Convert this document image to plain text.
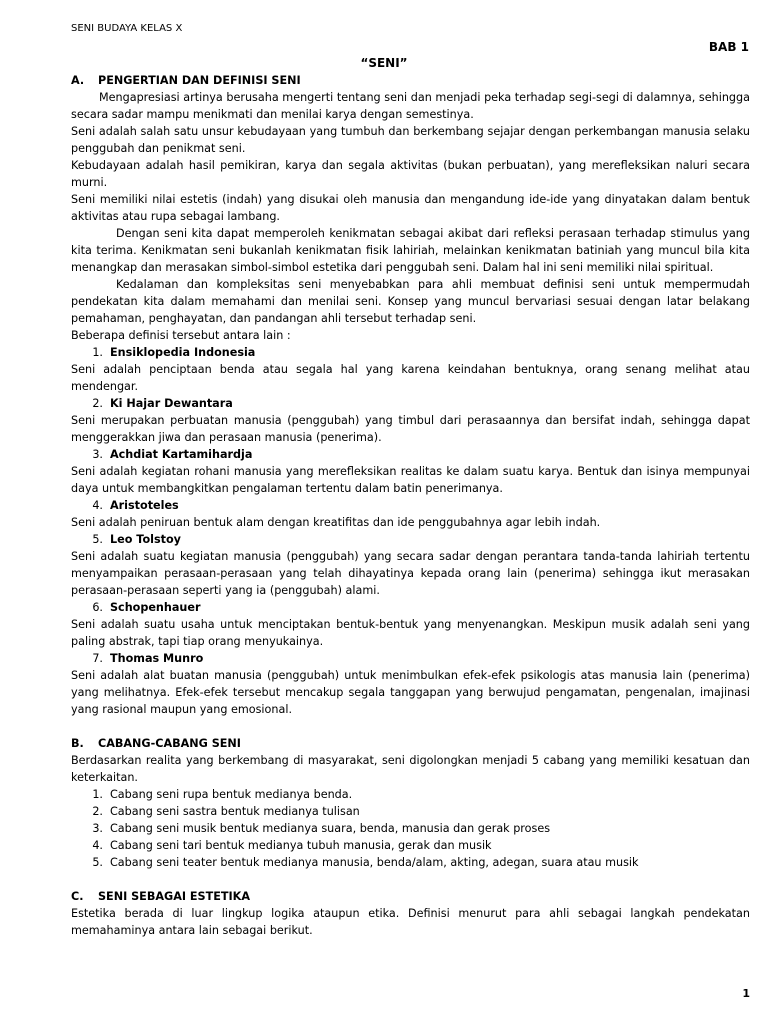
SENI BUDAYA KELAS X
BAB 1
“SENI”
A.	PENGERTIAN DAN DEFINISI SENI

Mengapresiasi artinya berusaha mengerti tentang seni dan menjadi peka terhadap segi-segi di dalamnya, sehingga secara sadar mampu menikmati dan menilai karya dengan semestinya.

Seni adalah salah satu unsur kebudayaan yang tumbuh dan berkembang sejajar dengan perkembangan manusia selaku penggubah dan penikmat seni.

Kebudayaan adalah hasil pemikiran, karya dan segala aktivitas (bukan perbuatan), yang merefleksikan naluri secara murni.

Seni memiliki nilai estetis (indah) yang disukai oleh manusia dan mengandung ide-ide yang dinyatakan dalam bentuk aktivitas atau rupa sebagai lambang.

Dengan seni kita dapat memperoleh kenikmatan sebagai akibat dari refleksi perasaan terhadap stimulus yang kita terima. Kenikmatan seni bukanlah kenikmatan fisik lahiriah, melainkan kenikmatan batiniah yang muncul bila kita menangkap dan merasakan simbol-simbol estetika dari penggubah seni. Dalam hal ini seni memiliki nilai spiritual.

Kedalaman dan kompleksitas seni menyebabkan para ahli membuat definisi seni untuk mempermudah pendekatan kita dalam memahami dan menilai seni. Konsep yang muncul bervariasi sesuai dengan latar belakang pemahaman, penghayatan, dan pandangan ahli tersebut terhadap seni.

Beberapa definisi tersebut antara lain :

1. Ensiklopedia Indonesia

Seni adalah penciptaan benda atau segala hal yang karena keindahan bentuknya, orang senang melihat atau mendengar.

2. Ki Hajar Dewantara

Seni merupakan perbuatan manusia (penggubah) yang timbul dari perasaannya dan bersifat indah, sehingga dapat menggerakkan jiwa dan perasaan manusia (penerima).

3. Achdiat Kartamihardja

Seni adalah kegiatan rohani manusia yang merefleksikan realitas ke dalam suatu karya. Bentuk dan isinya mempunyai daya untuk membangkitkan pengalaman tertentu dalam batin penerimanya.

4. Aristoteles

Seni adalah peniruan bentuk alam dengan kreatifitas dan ide penggubahnya agar lebih indah.

5. Leo Tolstoy

Seni adalah suatu kegiatan manusia (penggubah) yang secara sadar dengan perantara tanda-tanda lahiriah tertentu menyampaikan perasaan-perasaan yang telah dihayatinya kepada orang lain (penerima) sehingga ikut merasakan perasaan-perasaan seperti yang ia (penggubah) alami.

6. Schopenhauer

Seni adalah suatu usaha untuk menciptakan bentuk-bentuk yang menyenangkan. Meskipun musik adalah seni yang paling abstrak, tapi tiap orang menyukainya.

7. Thomas Munro

Seni adalah alat buatan manusia (penggubah) untuk menimbulkan efek-efek psikologis atas manusia lain (penerima) yang melihatnya. Efek-efek tersebut mencakup segala tanggapan yang berwujud pengamatan, pengenalan, imajinasi yang rasional maupun yang emosional.

B.	CABANG-CABANG SENI

Berdasarkan realita yang berkembang di masyarakat, seni digolongkan menjadi 5 cabang yang memiliki kesatuan dan keterkaitan.

1. Cabang seni rupa bentuk medianya benda.
2. Cabang seni sastra bentuk medianya tulisan
3. Cabang seni musik bentuk medianya suara, benda, manusia dan gerak proses
4. Cabang seni tari bentuk medianya tubuh manusia, gerak dan musik
5. Cabang seni teater bentuk medianya manusia, benda/alam, akting, adegan, suara atau musik
C.	SENI SEBAGAI ESTETIKA

Estetika berada di luar lingkup logika ataupun etika. Definisi menurut para ahli sebagai langkah pendekatan memahaminya antara lain sebagai berikut.

1
